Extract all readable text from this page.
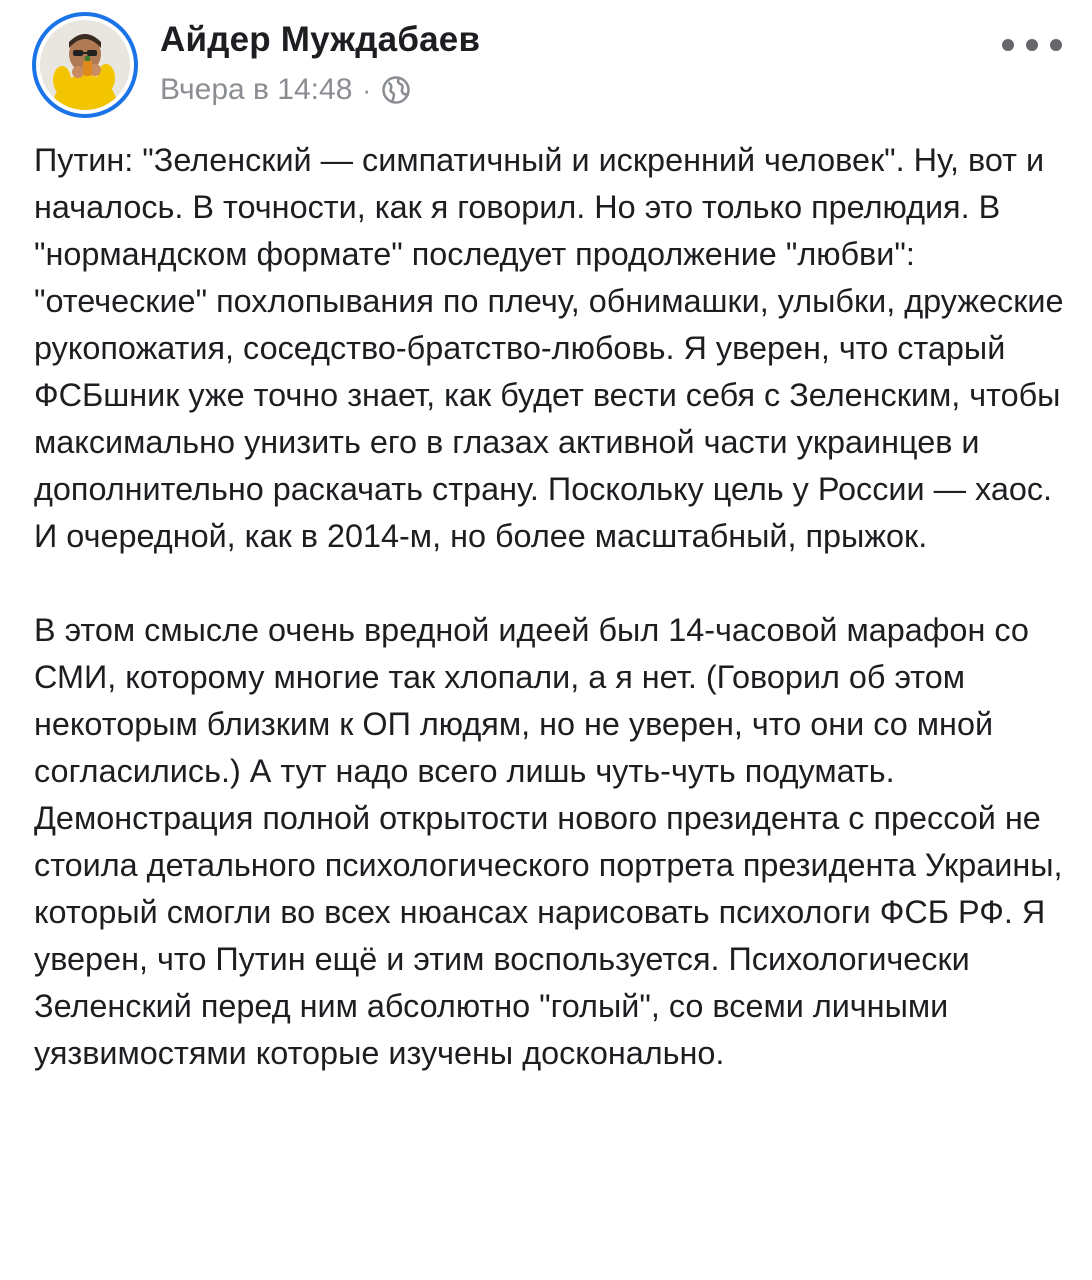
Айдер Муждабаев
Вчера в 14:48 ·

Путин: "Зеленский — симпатичный и искренний человек". Ну, вот и началось. В точности, как я говорил. Но это только прелюдия. В "нормандском формате" последует продолжение "любви": "отеческие" похлопывания по плечу, обнимашки, улыбки, дружеские рукопожатия, соседство-братство-любовь. Я уверен, что старый ФСБшник уже точно знает, как будет вести себя с Зеленским, чтобы максимально унизить его в глазах активной части украинцев и дополнительно раскачать страну. Поскольку цель у России — хаос. И очередной, как в 2014-м, но более масштабный, прыжок.

В этом смысле очень вредной идеей был 14-часовой марафон со СМИ, которому многие так хлопали, а я нет. (Говорил об этом некоторым близким к ОП людям, но не уверен, что они со мной согласились.) А тут надо всего лишь чуть-чуть подумать. Демонстрация полной открытости нового президента с прессой не стоила детального психологического портрета президента Украины, который смогли во всех нюансах нарисовать психологи ФСБ РФ. Я уверен, что Путин ещё и этим воспользуется. Психологически Зеленский перед ним абсолютно "голый", со всеми личными уязвимостями которые изучены досконально.
